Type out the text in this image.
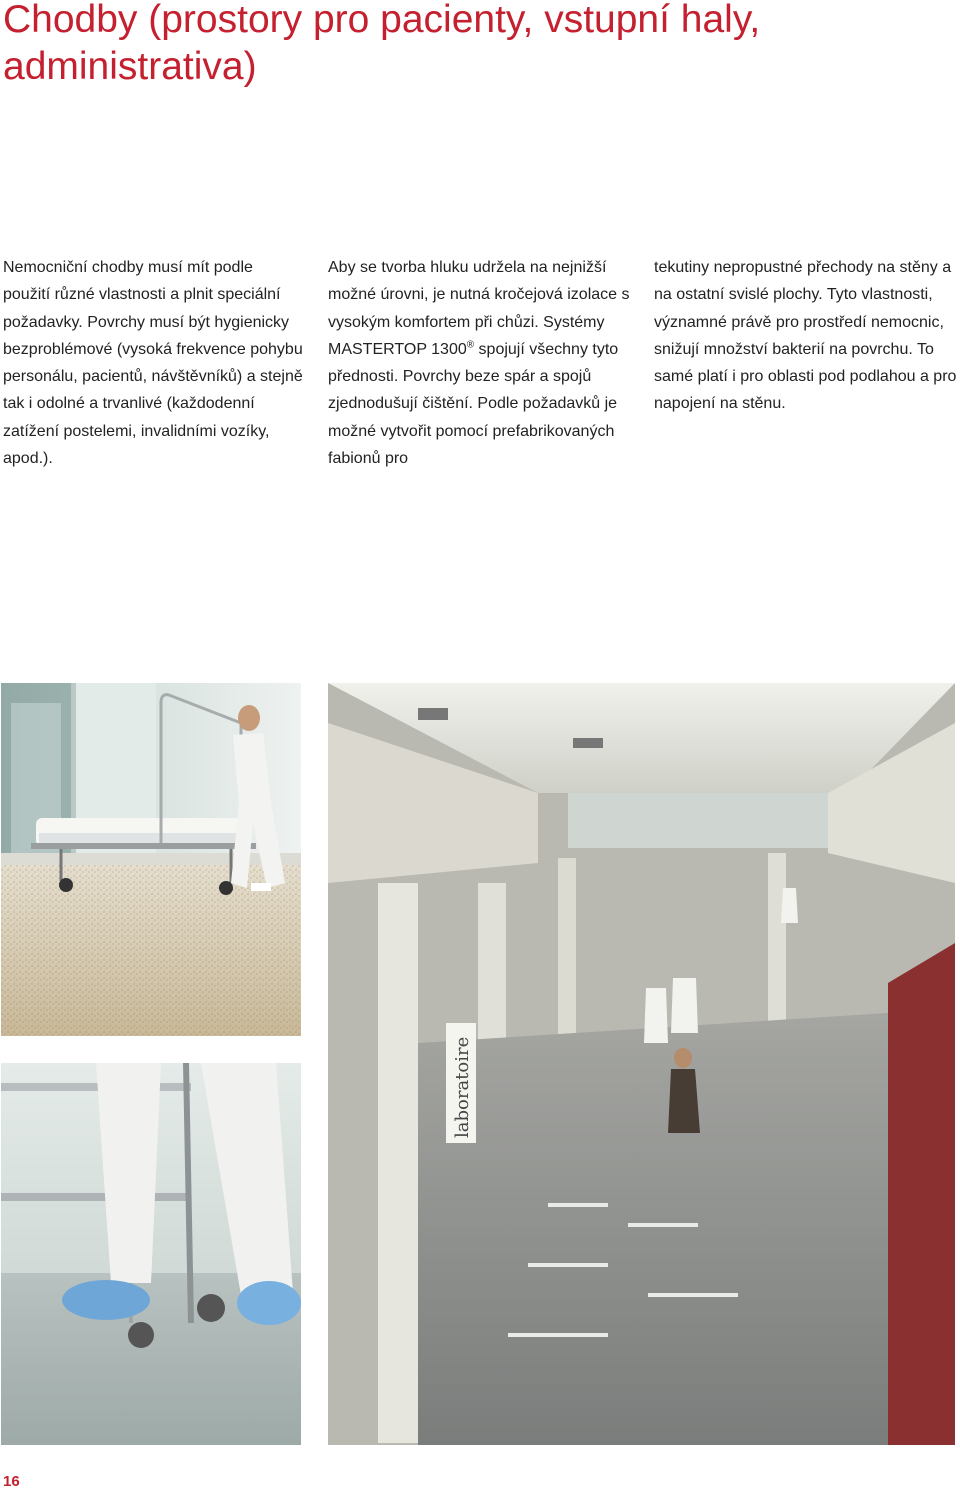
Chodby (prostory pro pacienty, vstupní haly, administrativa)

Nemocniční chodby musí mít podle použití různé vlastnosti a plnit speciální požadavky. Povrchy musí být hygienicky bezproblémové (vysoká frekvence pohybu personálu, pacientů, návštěvníků) a stejně tak i odolné a trvanlivé (každodenní zatížení postelemi, invalidními vozíky, apod.).

Aby se tvorba hluku udržela na nejnižší možné úrovni, je nutná kročejová izolace s vysokým komfortem při chůzi. Systémy MASTERTOP 1300® spojují všechny tyto přednosti. Povrchy beze spár a spojů zjednodušují čištění. Podle požadavků je možné vytvořit pomocí prefabrikovaných fabionů pro

tekutiny nepropustné přechody na stěny a na ostatní svislé plochy. Tyto vlastnosti, významné právě pro prostředí nemocnic, snižují množství bakterií na povrchu. To samé platí i pro oblasti pod podlahou a pro napojení na stěnu.

laboratoire
16
